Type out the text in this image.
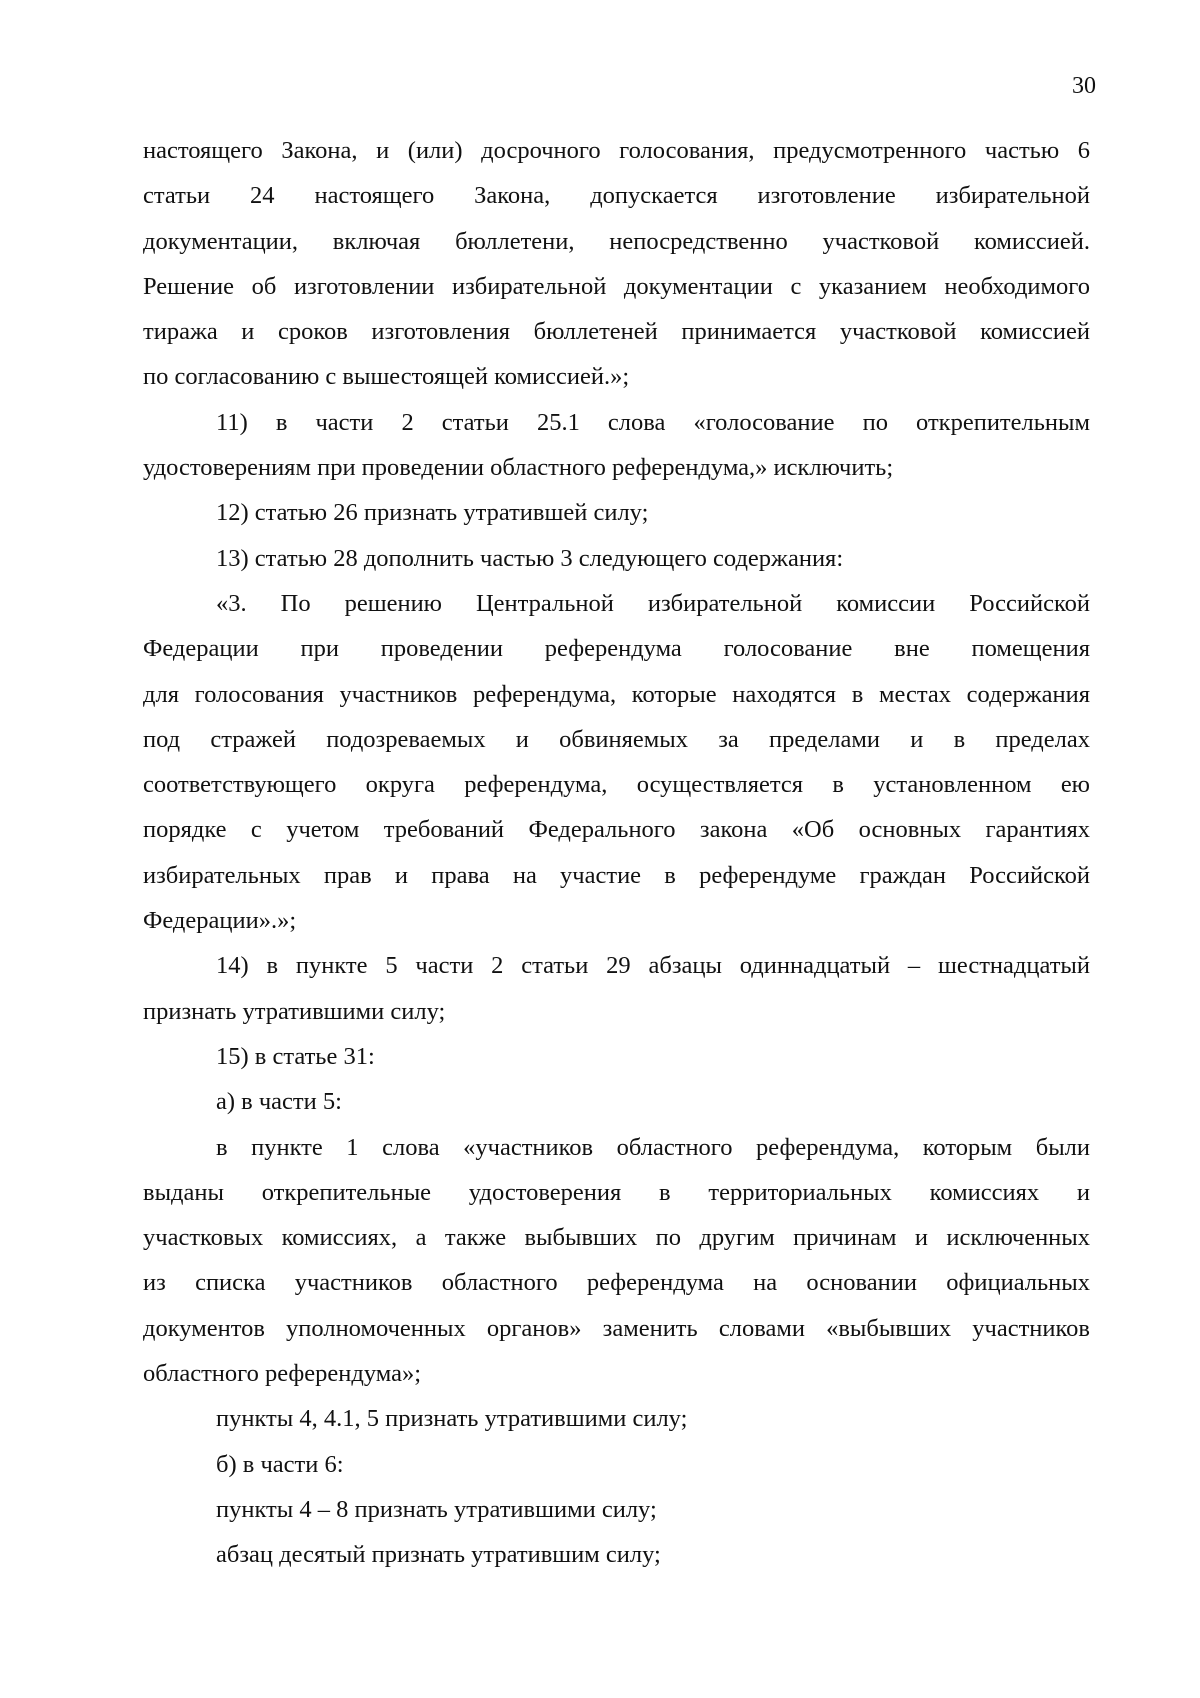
30
настоящего Закона, и (или) досрочного голосования, предусмотренного частью 6
статьи 24 настоящего Закона, допускается изготовление избирательной
документации, включая бюллетени, непосредственно участковой комиссией.
Решение об изготовлении избирательной документации с указанием необходимого
тиража и сроков изготовления бюллетеней принимается участковой комиссией
по согласованию с вышестоящей комиссией.»;
11) в части 2 статьи 25.1 слова «голосование по открепительным
удостоверениям при проведении областного референдума,» исключить;
12) статью 26 признать утратившей силу;
13) статью 28 дополнить частью 3 следующего содержания:
«3. По решению Центральной избирательной комиссии Российской
Федерации при проведении референдума голосование вне помещения
для голосования участников референдума, которые находятся в местах содержания
под стражей подозреваемых и обвиняемых за пределами и в пределах
соответствующего округа референдума, осуществляется в установленном ею
порядке с учетом требований Федерального закона «Об основных гарантиях
избирательных прав и права на участие в референдуме граждан Российской
Федерации».»;
14) в пункте 5 части 2 статьи 29 абзацы одиннадцатый – шестнадцатый
признать утратившими силу;
15) в статье 31:
а) в части 5:
в пункте 1 слова «участников областного референдума, которым были
выданы открепительные удостоверения в территориальных комиссиях и
участковых комиссиях, а также выбывших по другим причинам и исключенных
из списка участников областного референдума на основании официальных
документов уполномоченных органов» заменить словами «выбывших участников
областного референдума»;
пункты 4, 4.1, 5 признать утратившими силу;
б) в части 6:
пункты 4 – 8 признать утратившими силу;
абзац десятый признать утратившим силу;
